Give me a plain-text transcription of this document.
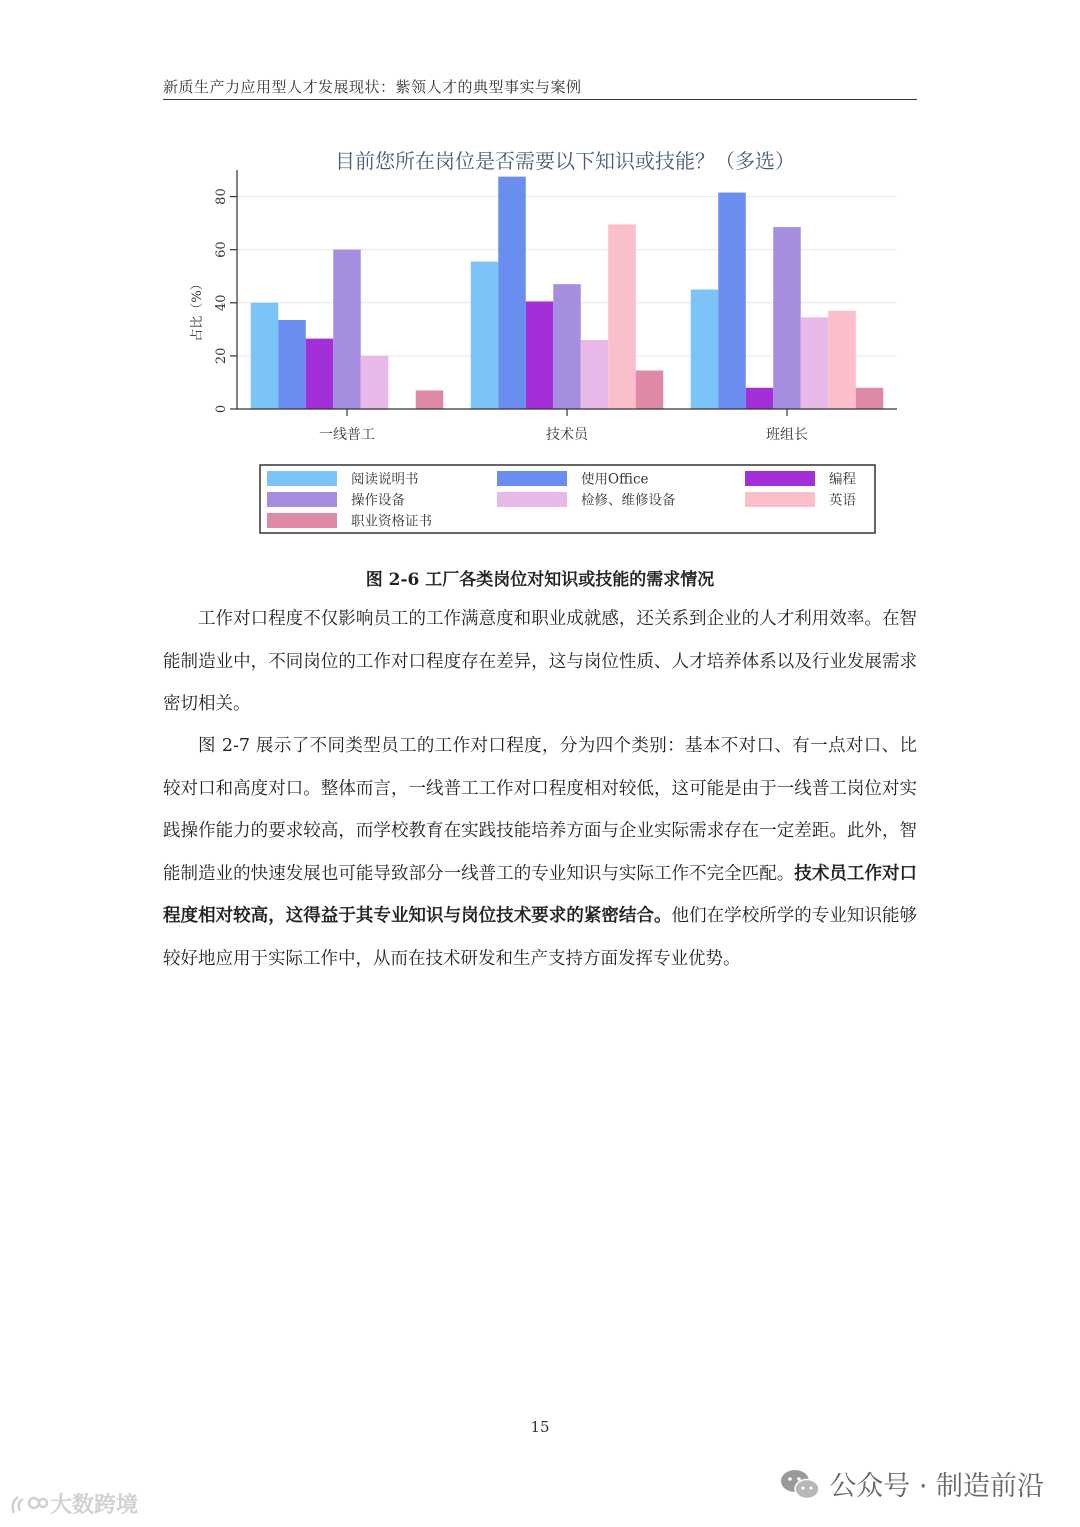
新质生产力应用型人才发展现状：紫领人才的典型事实与案例
0
20
40
60
80
一线普工	技术员	班组长
目前您所在岗位是否需要以下知识或技能？（多选）
占比（%）
阅读说明书	使用Office	编程
操作设备	检修、维修设备	英语
职业资格证书
图 2-6 工厂各类岗位对知识或技能的需求情况

工作对口程度不仅影响员工的工作满意度和职业成就感，还关系到企业的人才利用效率。在智能制造业中，不同岗位的工作对口程度存在差异，这与岗位性质、人才培养体系以及行业发展需求密切相关。

图 2-7 展示了不同类型员工的工作对口程度，分为四个类别：基本不对口、有一点对口、比较对口和高度对口。整体而言，一线普工工作对口程度相对较低，这可能是由于一线普工岗位对实践操作能力的要求较高，而学校教育在实践技能培养方面与企业实际需求存在一定差距。此外，智能制造业的快速发展也可能导致部分一线普工的专业知识与实际工作不完全匹配。技术员工作对口程度相对较高，这得益于其专业知识与岗位技术要求的紧密结合。他们在学校所学的专业知识能够较好地应用于实际工作中，从而在技术研发和生产支持方面发挥专业优势。

15
大数跨境
公众号 · 制造前沿
